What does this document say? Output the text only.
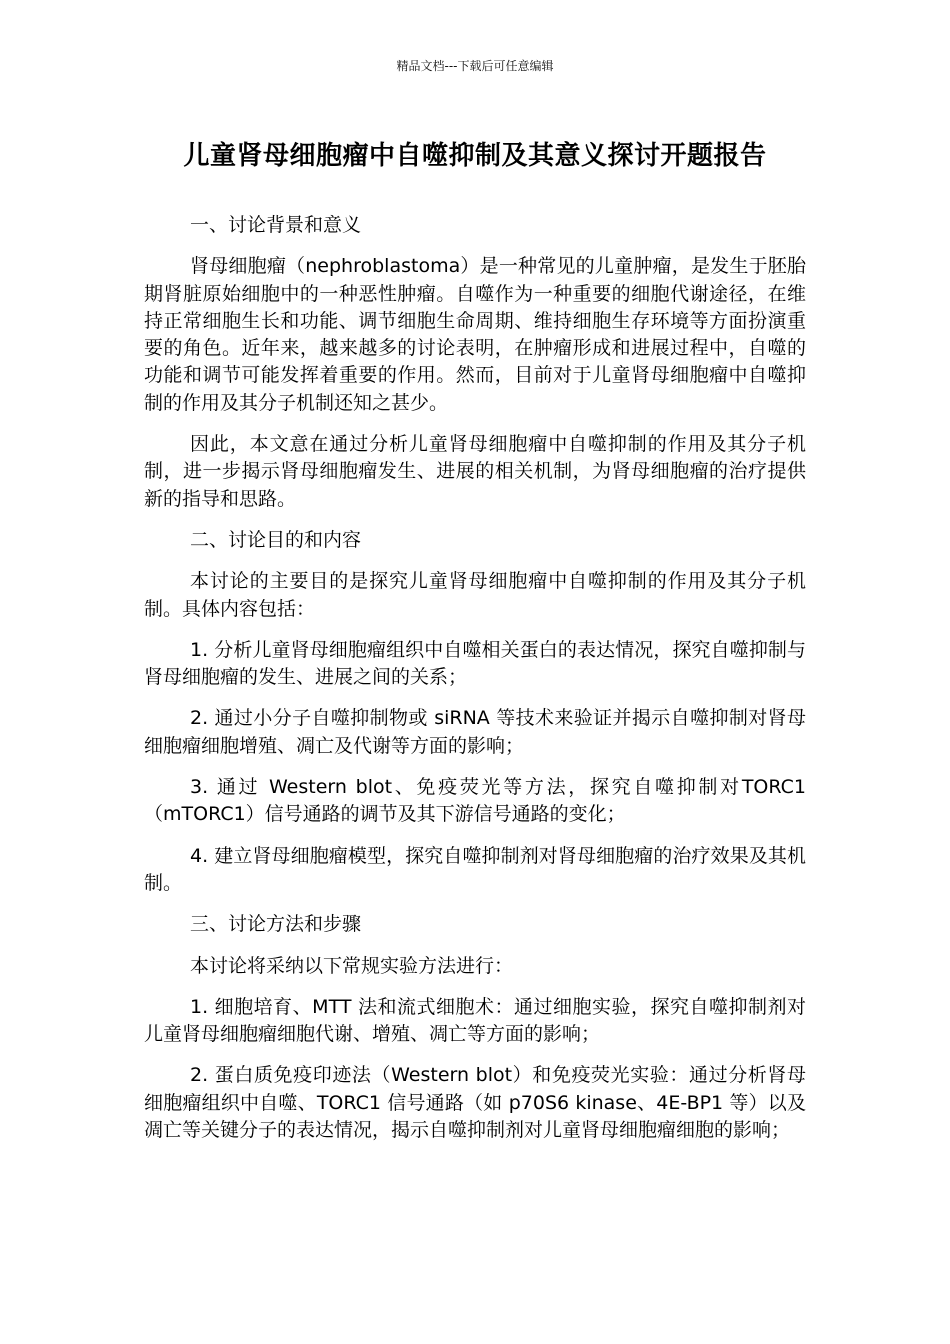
精品文档---下载后可任意编辑
儿童肾母细胞瘤中自噬抑制及其意义探讨开题报告

一、讨论背景和意义

肾母细胞瘤（nephroblastoma）是一种常见的儿童肿瘤，是发生于胚胎期肾脏原始细胞中的一种恶性肿瘤。自噬作为一种重要的细胞代谢途径，在维持正常细胞生长和功能、调节细胞生命周期、维持细胞生存环境等方面扮演重要的角色。近年来，越来越多的讨论表明，在肿瘤形成和进展过程中，自噬的功能和调节可能发挥着重要的作用。然而，目前对于儿童肾母细胞瘤中自噬抑制的作用及其分子机制还知之甚少。

因此，本文意在通过分析儿童肾母细胞瘤中自噬抑制的作用及其分子机制，进一步揭示肾母细胞瘤发生、进展的相关机制，为肾母细胞瘤的治疗提供新的指导和思路。

二、讨论目的和内容

本讨论的主要目的是探究儿童肾母细胞瘤中自噬抑制的作用及其分子机制。具体内容包括：

1. 分析儿童肾母细胞瘤组织中自噬相关蛋白的表达情况，探究自噬抑制与肾母细胞瘤的发生、进展之间的关系；

2. 通过小分子自噬抑制物或 siRNA 等技术来验证并揭示自噬抑制对肾母细胞瘤细胞增殖、凋亡及代谢等方面的影响；

3. 通过 Western blot、免疫荧光等方法，探究自噬抑制对TORC1（mTORC1）信号通路的调节及其下游信号通路的变化；

4. 建立肾母细胞瘤模型，探究自噬抑制剂对肾母细胞瘤的治疗效果及其机制。

三、讨论方法和步骤

本讨论将采纳以下常规实验方法进行：

1. 细胞培育、MTT 法和流式细胞术：通过细胞实验，探究自噬抑制剂对儿童肾母细胞瘤细胞代谢、增殖、凋亡等方面的影响；

2. 蛋白质免疫印迹法（Western blot）和免疫荧光实验：通过分析肾母细胞瘤组织中自噬、TORC1 信号通路（如 p70S6 kinase、4E-BP1 等）以及凋亡等关键分子的表达情况，揭示自噬抑制剂对儿童肾母细胞瘤细胞的影响；
